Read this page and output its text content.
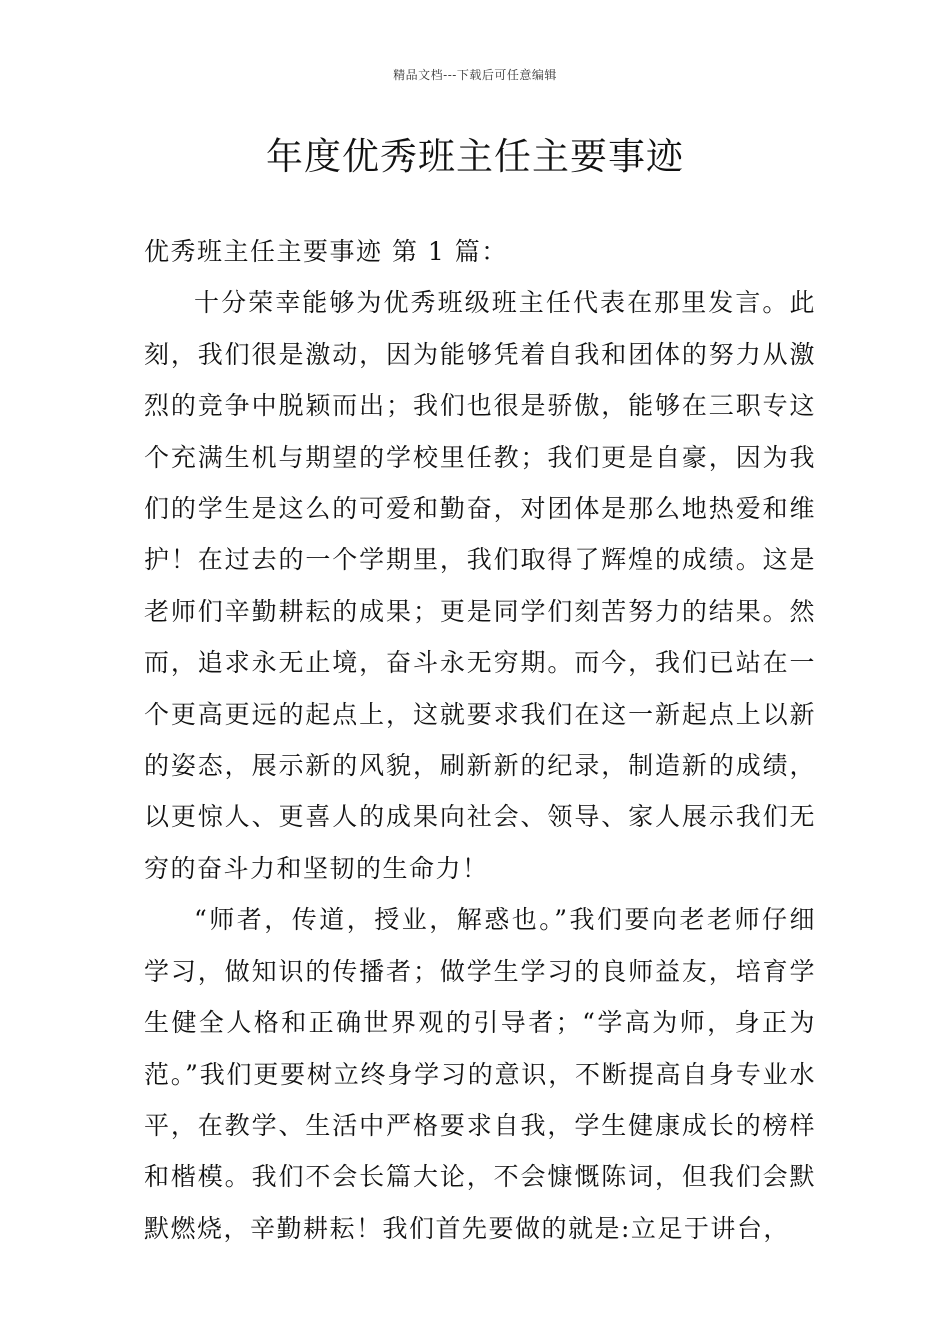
精品文档---下载后可任意编辑
年度优秀班主任主要事迹

优秀班主任主要事迹 第 1 篇：

十分荣幸能够为优秀班级班主任代表在那里发言。此刻，我们很是激动，因为能够凭着自我和团体的努力从激烈的竞争中脱颖而出；我们也很是骄傲，能够在三职专这个充满生机与期望的学校里任教；我们更是自豪，因为我们的学生是这么的可爱和勤奋，对团体是那么地热爱和维护！在过去的一个学期里，我们取得了辉煌的成绩。这是老师们辛勤耕耘的成果；更是同学们刻苦努力的结果。然而，追求永无止境，奋斗永无穷期。而今，我们已站在一个更高更远的起点上，这就要求我们在这一新起点上以新的姿态，展示新的风貌，刷新新的纪录，制造新的成绩，以更惊人、更喜人的成果向社会、领导、家人展示我们无穷的奋斗力和坚韧的生命力！

“师者，传道，授业，解惑也。”我们要向老老师仔细学习，做知识的传播者；做学生学习的良师益友，培育学生健全人格和正确世界观的引导者；“学高为师，身正为范。”我们更要树立终身学习的意识，不断提高自身专业水平，在教学、生活中严格要求自我，学生健康成长的榜样和楷模。我们不会长篇大论，不会慷慨陈词，但我们会默默燃烧，辛勤耕耘！我们首先要做的就是:立足于讲台，
